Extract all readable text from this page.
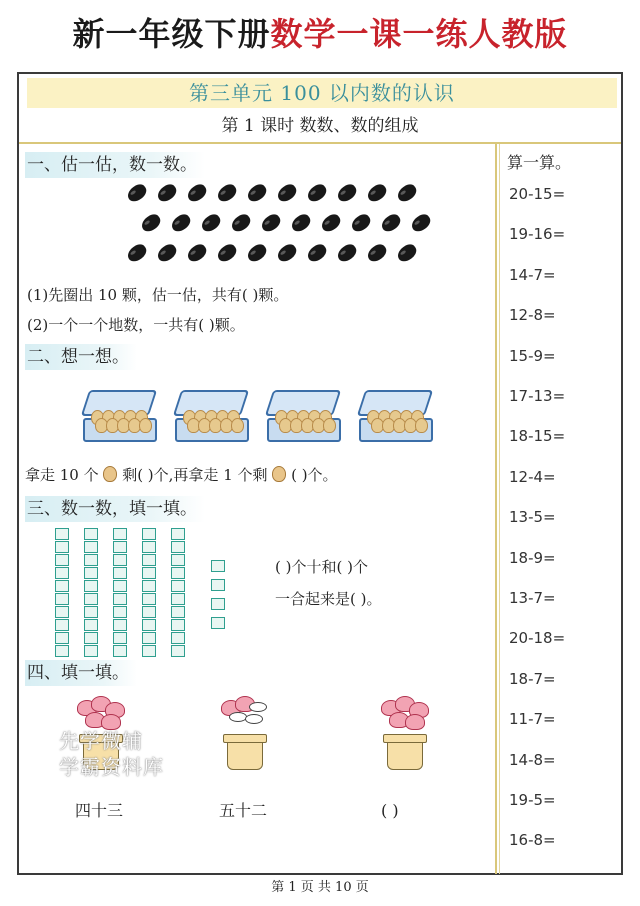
新一年级下册数学一课一练人教版
第三单元 100 以内数的认识
第 1 课时 数数、数的组成
一、估一估，数一数。
(1)先圈出 10 颗，估一估，共有( )颗。
(2)一个一个地数，一共有( )颗。
二、想一想。
拿走 10 个 剩( )个,再拿走 1 个剩 ( )个。
三、数一数，填一填。
( )个十和( )个
一合起来是( )。
四、填一填。
四十三	五十二	( )
先学微辅
学霸资料库
算一算。
20-15=
19-16=
14-7=
12-8=
15-9=
17-13=
18-15=
12-4=
13-5=
18-9=
13-7=
20-18=
18-7=
11-7=
14-8=
19-5=
16-8=
第 1 页 共 10 页
